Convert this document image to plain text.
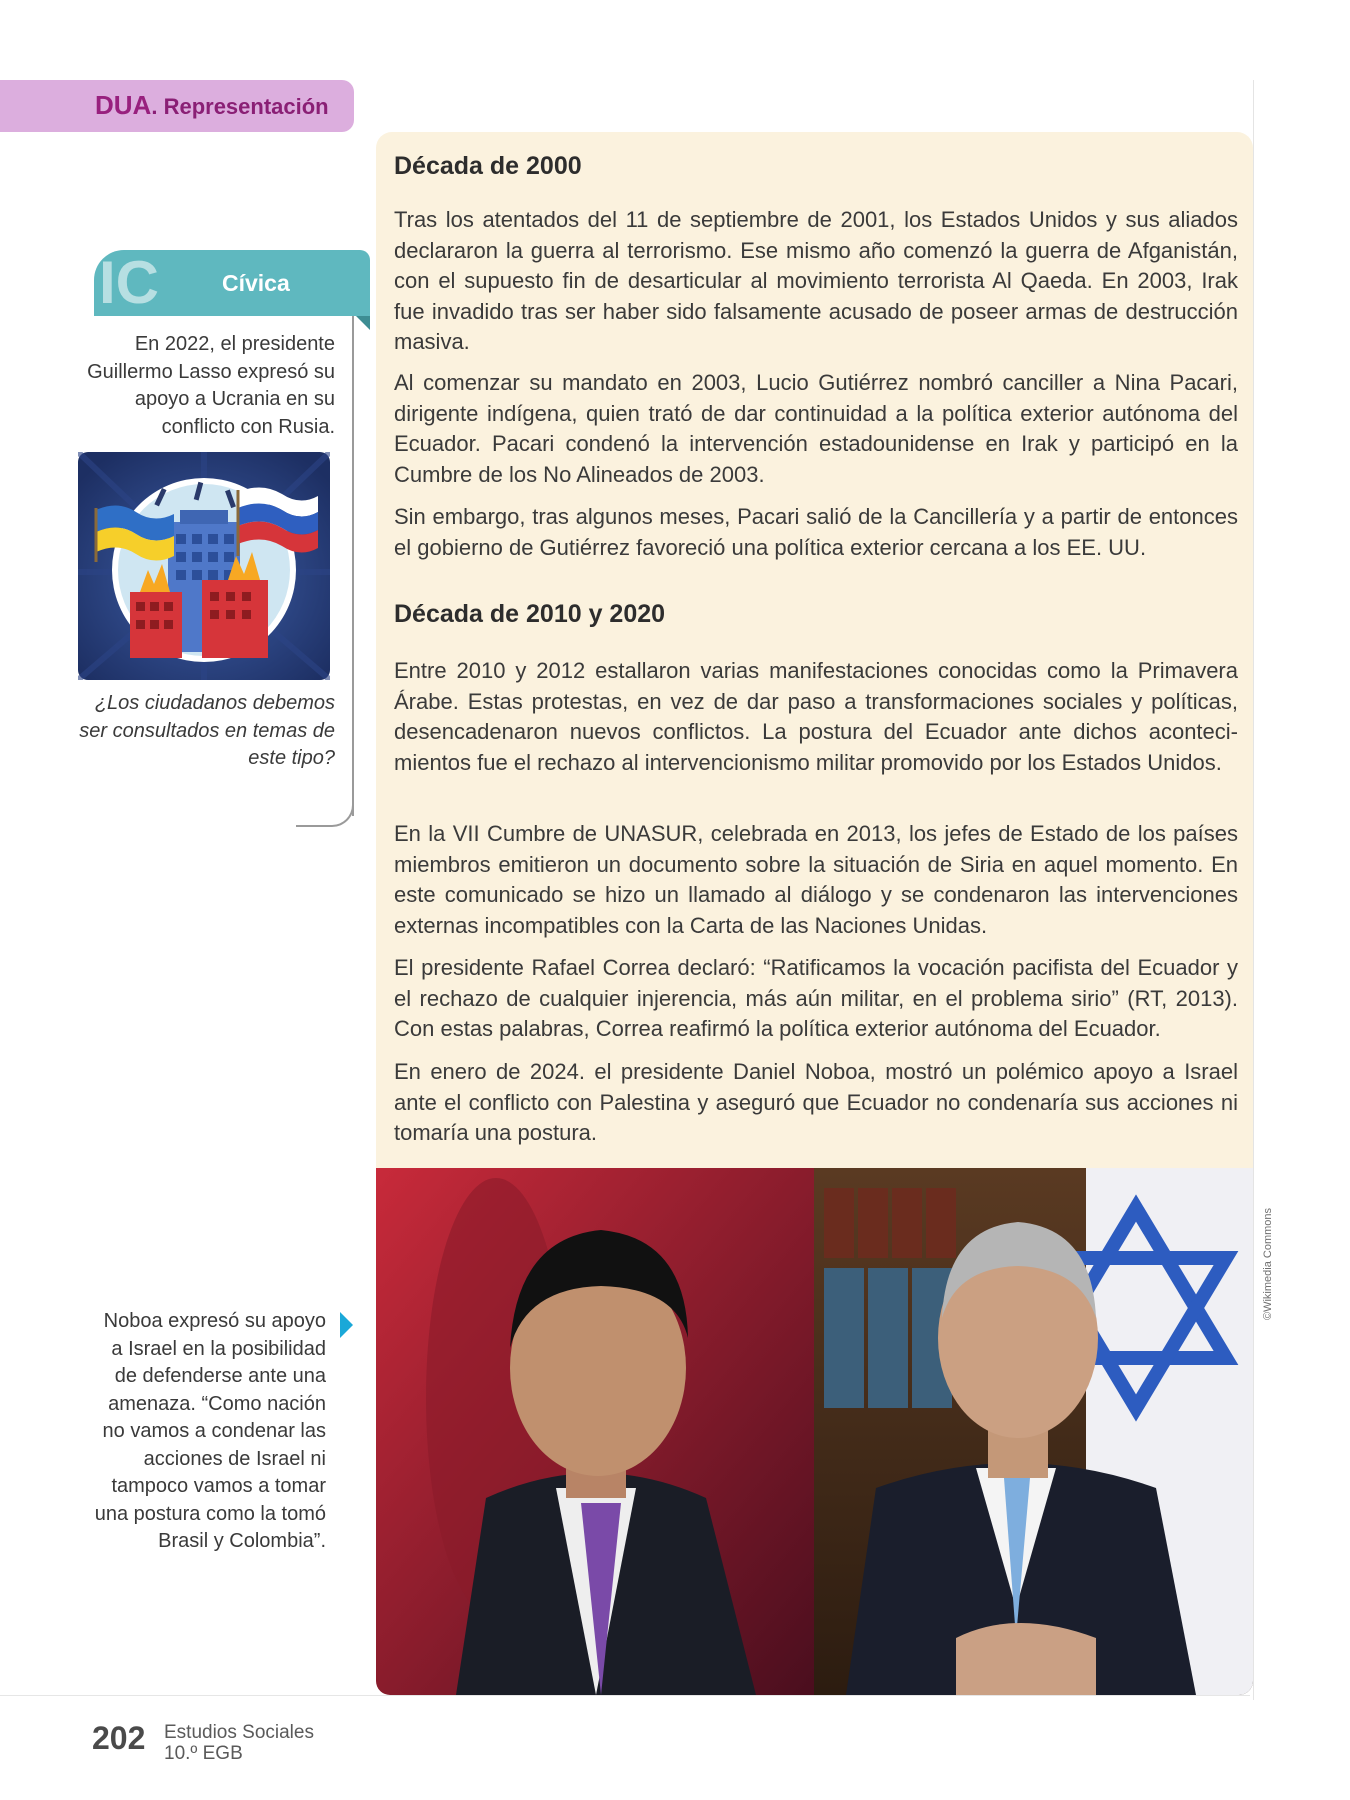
DUA. Representación
Década de 2000

Tras los atentados del 11 de septiembre de 2001, los Estados Unidos y sus aliados declararon la guerra al terrorismo. Ese mismo año comenzó la guerra de Afganistán, con el supuesto fin de desarticular al movimiento terrorista Al Qaeda. En 2003, Irak fue invadido tras ser haber sido falsamente acusado de poseer armas de destrucción masiva.

Al comenzar su mandato en 2003, Lucio Gutiérrez nombró canciller a Nina Pacari, dirigente indígena, quien trató de dar continuidad a la política exterior autónoma del Ecuador. Pacari condenó la intervención estadounidense en Irak y participó en la Cumbre de los No Alineados de 2003.

Sin embargo, tras algunos meses, Pacari salió de la Cancillería y a partir de entonces el gobierno de Gutiérrez favoreció una política exterior cercana a los EE. UU.

Década de 2010 y 2020

Entre 2010 y 2012 estallaron varias manifestaciones conocidas como la Primavera Árabe. Estas protestas, en vez de dar paso a transformaciones sociales y políticas, desencadenaron nuevos conflictos. La postura del Ecuador ante dichos acontecimientos fue el rechazo al intervencionismo militar promovido por los Estados Unidos.

En la VII Cumbre de UNASUR, celebrada en 2013, los jefes de Estado de los países miembros emitieron un documento sobre la situación de Siria en aquel momento. En este comunicado se hizo un llamado al diálogo y se condenaron las intervenciones externas incompatibles con la Carta de las Naciones Unidas.

El presidente Rafael Correa declaró: “Ratificamos la vocación pacifista del Ecuador y el rechazo de cualquier injerencia, más aún militar, en el problema sirio” (RT, 2013). Con estas palabras, Correa reafirmó la política exterior autónoma del Ecuador.

En enero de 2024. el presidente Daniel Noboa, mostró un polémico apoyo a Israel ante el conflicto con Palestina y aseguró que Ecuador no condenaría sus acciones ni tomaría una postura.

IC	Cívica

En 2022, el presidente Guillermo Lasso expresó su apoyo a Ucrania en su conflicto con Rusia.

¿Los ciudadanos debemos ser consultados en temas de este tipo?

©Wikimedia Commons

Noboa expresó su apoyo a Israel en la posibilidad de defenderse ante una amenaza. “Como nación no vamos a condenar las acciones de Israel ni tampoco vamos a tomar una postura como la tomó Brasil y Colombia”.

202 Estudios Sociales
10.º EGB
